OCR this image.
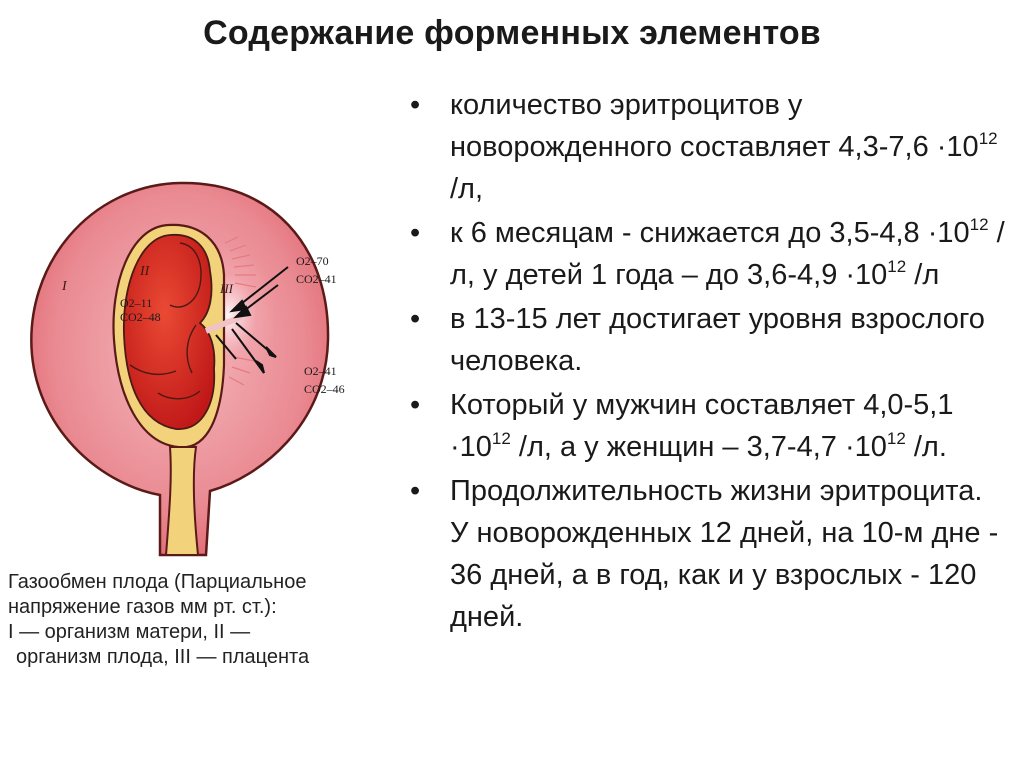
Содержание форменных элементов
I
II
III
O2–11
CO2–48
O2–70
CO2–41
O2–41
CO2–46
Газообмен плода (Парциальное
напряжение газов мм рт. ст.):
I — организм матери, II —
организм плода, III — плацента
• количество эритроцитов у новорожденного составляет $4,3-7,6 \cdot 10^{12}$ /л,
• к 6 месяцам - снижается до $3,5-4,8 \cdot 10^{12}$ /л, у детей 1 года – до $3,6-4,9 \cdot 10^{12}$ /л
• в 13-15 лет достигает уровня взрослого человека.
• Который у мужчин составляет $4,0-5,1 \cdot 10^{12}$ /л, а у женщин – $3,7-4,7 \cdot 10^{12}$ /л.
• Продолжительность жизни эритроцита. У новорожденных 12 дней, на 10-м дне - 36 дней, а в год, как и у взрослых - 120 дней.
